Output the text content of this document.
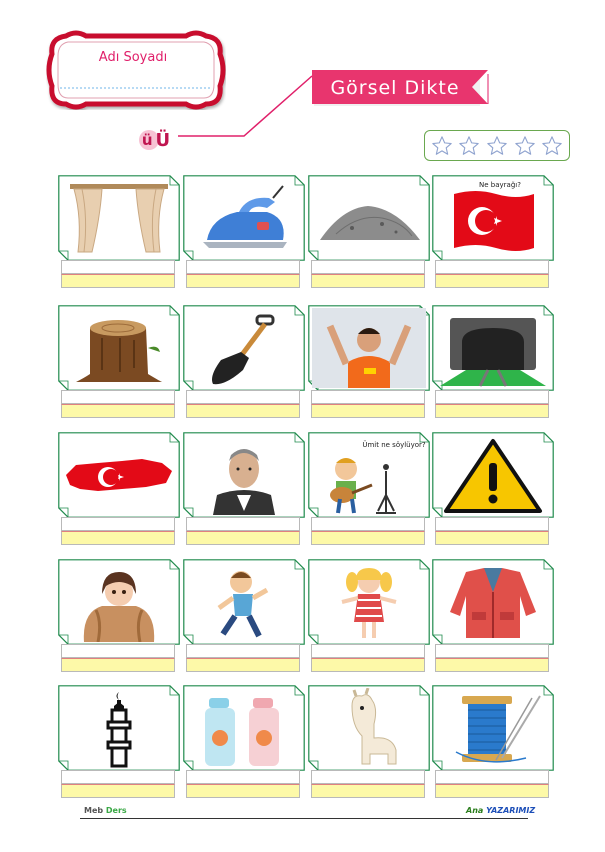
Adı Soyadı
ü Ü
Görsel Dikte
Ne bayrağı?
Ümit ne söylüyor?
Meb Ders	Ana YAZARIMIZ
